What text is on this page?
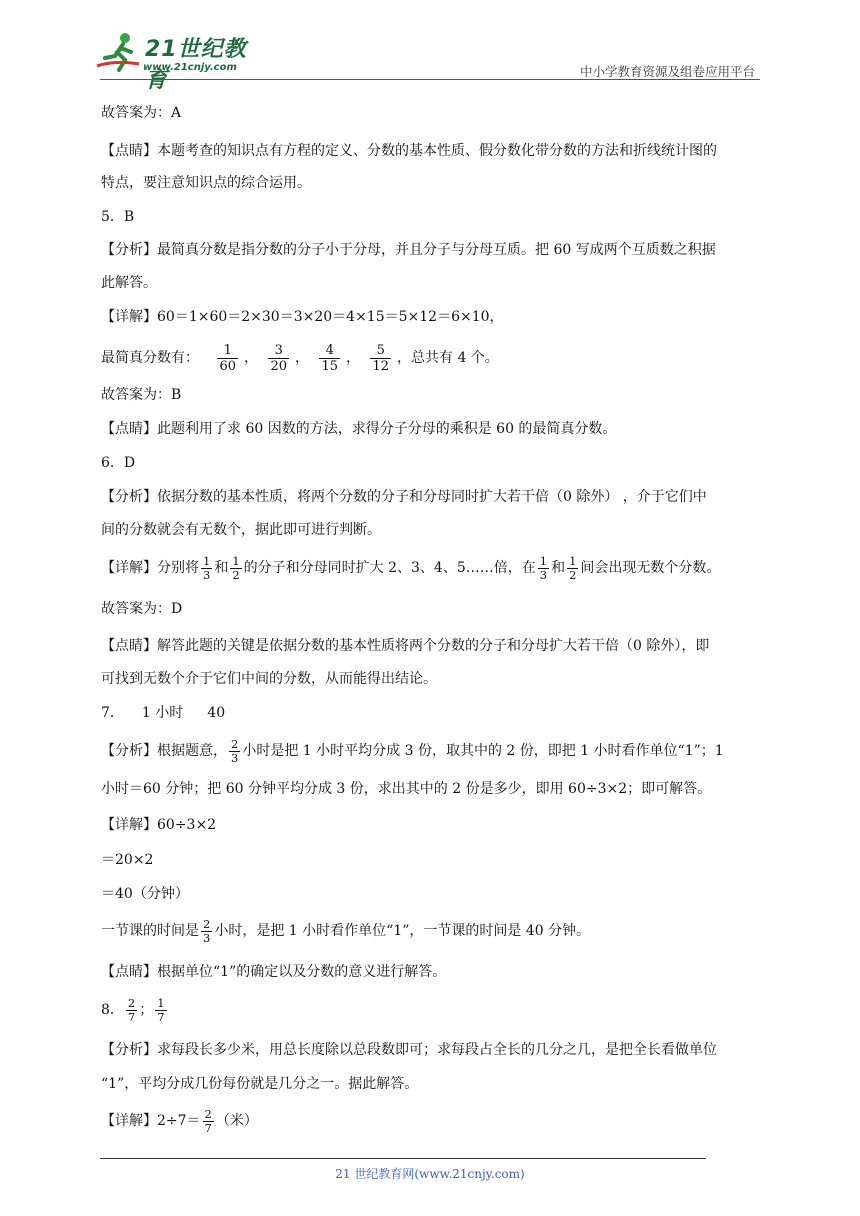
21世纪教育
www.21cnjy.com	中小学教育资源及组卷应用平台
故答案为：A
【点睛】本题考查的知识点有方程的定义、分数的基本性质、假分数化带分数的方法和折线统计图的
特点，要注意知识点的综合运用。
5．B
【分析】最简真分数是指分数的分子小于分母，并且分子与分母互质。把 60 写成两个互质数之积据
此解答。
【详解】60＝1×60＝2×30＝3×20＝4×15＝5×12＝6×10，
最简真分数有： $\frac{1}{60}$ ， $\frac{3}{20}$ ， $\frac{4}{15}$ ， $\frac{5}{12}$ ，总共有 4 个。
故答案为：B
【点睛】此题利用了求 60 因数的方法，求得分子分母的乘积是 60 的最简真分数。
6．D
【分析】依据分数的基本性质，将两个分数的分子和分母同时扩大若干倍（0 除外） ，介于它们中
间的分数就会有无数个，据此即可进行判断。
【详解】分别将 $\frac{1}{3}$ 和 $\frac{1}{2}$ 的分子和分母同时扩大 2、3、4、5……倍，在 $\frac{1}{3}$ 和 $\frac{1}{2}$ 间会出现无数个分数。
故答案为：D
【点睛】解答此题的关键是依据分数的基本性质将两个分数的分子和分母扩大若干倍（0 除外），即
可找到无数个介于它们中间的分数，从而能得出结论。
7． 1 小时 40
【分析】根据题意， $\frac{2}{3}$ 小时是把 1 小时平均分成 3 份，取其中的 2 份，即把 1 小时看作单位“1”；1
小时＝60 分钟；把 60 分钟平均分成 3 份，求出其中的 2 份是多少，即用 60÷3×2；即可解答。
【详解】60÷3×2
＝20×2
＝40（分钟）
一节课的时间是 $\frac{2}{3}$ 小时，是把 1 小时看作单位“1”，一节课的时间是 40 分钟。
【点睛】根据单位“1”的确定以及分数的意义进行解答。
8． $\frac{2}{7}$ ； $\frac{1}{7}$
【分析】求每段长多少米，用总长度除以总段数即可；求每段占全长的几分之几，是把全长看做单位
“1”，平均分成几份每份就是几分之一。据此解答。
【详解】$2\div 7= \frac{2}{7}$ （米）
21 世纪教育网(www.21cnjy.com)
